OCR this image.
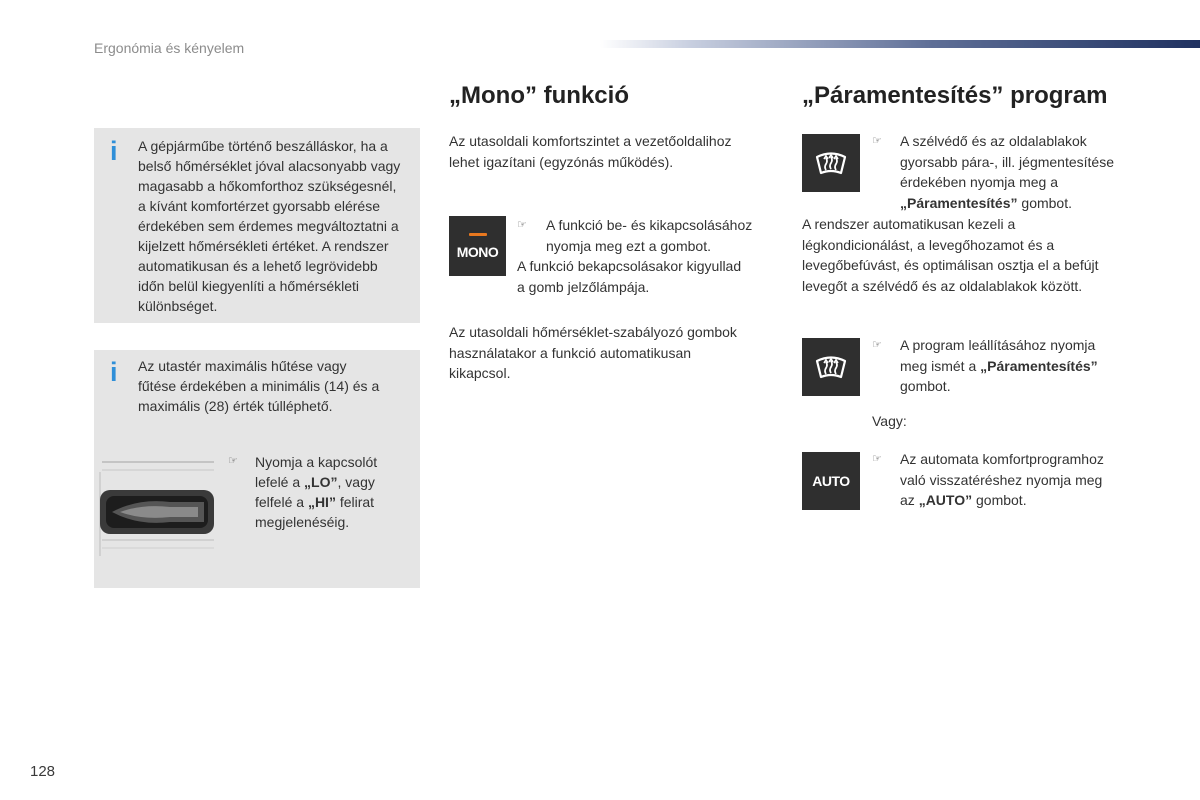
Ergonómia és kényelem
i A gépjárműbe történő beszálláskor, ha a
belső hőmérséklet jóval alacsonyabb vagy
magasabb a hőkomforthoz szükségesnél,
a kívánt komfortérzet gyorsabb elérése
érdekében sem érdemes megváltoztatni a
kijelzett hőmérsékleti értéket. A rendszer
automatikusan és a lehető legrövidebb
időn belül kiegyenlíti a hőmérsékleti
különbséget.
i Az utastér maximális hűtése vagy
fűtése érdekében a minimális (14) és a
maximális (28) érték túlléphető.
☞ Nyomja a kapcsolót
lefelé a „LO”, vagy
felfelé a „HI” felirat
megjelenéséig.
„Mono” funkció
Az utasoldali komfortszintet a vezetőoldalihoz
lehet igazítani (egyzónás működés).
MONO
☞ A funkció be- és kikapcsolásához
nyomja meg ezt a gombot.
A funkció bekapcsolásakor kigyullad
a gomb jelzőlámpája.
Az utasoldali hőmérséklet-szabályozó gombok
használatakor a funkció automatikusan
kikapcsol.
„Páramentesítés” program
☞ A szélvédő és az oldalablakok
gyorsabb pára-, ill. jégmentesítése
érdekében nyomja meg a
„Páramentesítés” gombot.
A rendszer automatikusan kezeli a
légkondicionálást, a levegőhozamot és a
levegőbefúvást, és optimálisan osztja el a befújt
levegőt a szélvédő és az oldalablakok között.
☞ A program leállításához nyomja
meg ismét a „Páramentesítés”
gombot.
Vagy:
AUTO
☞ Az automata komfortprogramhoz
való visszatéréshez nyomja meg
az „AUTO” gombot.
128
